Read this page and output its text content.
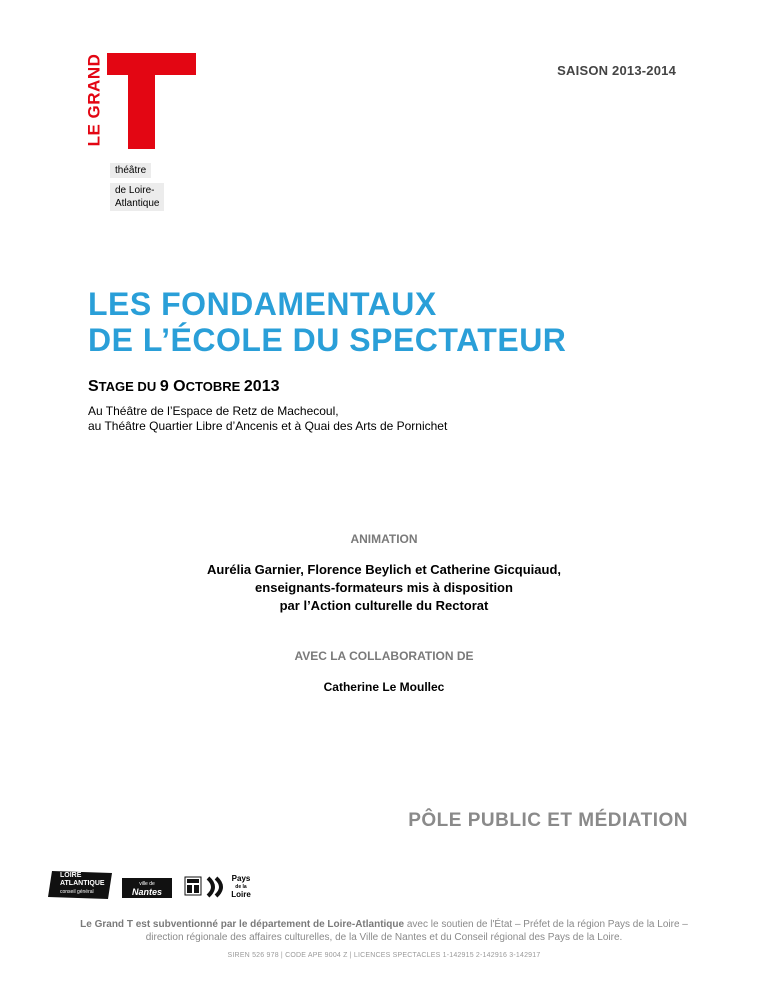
LE GRAND
théâtre
de Loire-Atlantique
SAISON 2013-2014
LES FONDAMENTAUX
DE L’ÉCOLE DU SPECTATEUR
STAGE DU 9 OCTOBRE 2013
Au Théâtre de l’Espace de Retz de Machecoul,
au Théâtre Quartier Libre d’Ancenis et à Quai des Arts de Pornichet
ANIMATION
Aurélia Garnier, Florence Beylich et Catherine Gicquiaud,
enseignants-formateurs mis à disposition
par l’Action culturelle du Rectorat
AVEC LA COLLABORATION DE
Catherine Le Moullec
PÔLE PUBLIC ET MÉDIATION
LOIRE
ATLANTIQUE
conseil général
ville de
Nantes
Pays
de la
Loire
Le Grand T est subventionné par le département de Loire-Atlantique avec le soutien de l'État – Préfet de la région Pays de la Loire –
direction régionale des affaires culturelles, de la Ville de Nantes et du Conseil régional des Pays de la Loire.
SIREN 526 978 | CODE APE 9004 Z | LICENCES SPECTACLES 1-142915 2-142916 3-142917
